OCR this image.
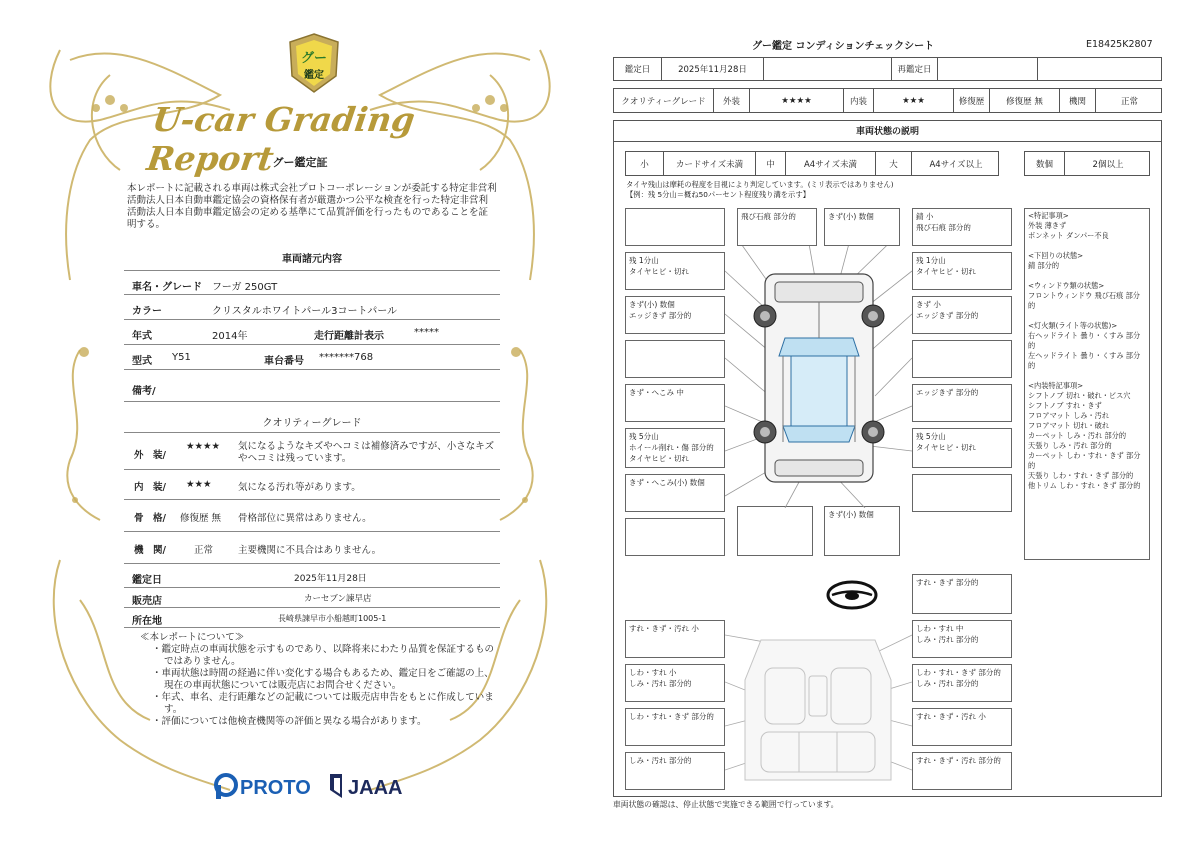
グー
鑑定
U-car Grading Report
グー鑑定証
本レポートに記載される車両は株式会社プロトコーポレーションが委託する特定非営利活動法人日本自動車鑑定協会の資格保有者が厳選かつ公平な検査を行った特定非営利活動法人日本自動車鑑定協会の定める基準にて品質評価を行ったものであることを証明する。
車両諸元内容
車名・グレード フーガ 250GT
カラー	クリスタルホワイトパール3コートパール
年式	2014年	走行距離計表示	*****
型式 Y51	車台番号 *******768
備考/
クオリティーグレード
外　装/
★★★★ 気になるようなキズやヘコミは補修済みですが、小さなキズやヘコミは残っています。
内　装/ ★★★	気になる汚れ等があります。
骨　格/ 修復歴 無 骨格部位に異常はありません。
機　関/	正常	主要機関に不具合はありません。
鑑定日	2025年11月28日
販売店	カーセブン諫早店
所在地	長崎県諫早市小船越町1005-1
≪本レポートについて≫
・鑑定時点の車両状態を示すものであり、以降将来にわたり品質を保証するものではありません。
・車両状態は時間の経過に伴い変化する場合もあるため、鑑定日をご確認の上、現在の車両状態については販売店にお問合せください。
・年式、車名、走行距離などの記載については販売店申告をもとに作成しています。
・評価については他検査機関等の評価と異なる場合があります。
PROTO JAAA
グー鑑定 コンディションチェックシート	E18425K2807
鑑定日	2025年11月28日	再鑑定日
クオリティーグレード	外装	★★★★	内装	★★★	修復歴	修復歴 無	機関	正常
車両状態の説明
小	カードサイズ未満	中	A4サイズ未満	大	A4サイズ以上	数個	2個以上
タイヤ残山は摩耗の程度を目視により判定しています。(ミリ表示ではありません)
【例：残 5分山＝概ね50パーセント程度残り溝を示す】
飛び石痕 部分的	きず(小) 数個	錆 小
飛び石痕 部分的
残 1分山
タイヤヒビ・切れ
残 1分山
タイヤヒビ・切れ
きず(小) 数個
エッジきず 部分的
きず 小
エッジきず 部分的
きず・へこみ 中	エッジきず 部分的
残 5分山
ホイール削れ・傷 部分的
タイヤヒビ・切れ
残 5分山
タイヤヒビ・切れ
きず・へこみ(小) 数個
きず(小) 数個
<特記事項>
外装 薄きず
ボンネット ダンパー不良

<下回りの状態>
錆 部分的

<ウィンドウ類の状態>
フロントウィンドウ 飛び石痕 部分的

<灯火類(ライト等の状態)>
右ヘッドライト 曇り・くすみ 部分的
左ヘッドライト 曇り・くすみ 部分的

<内装特記事項>
シフトノブ 切れ・破れ・ビス穴
シフトノブ すれ・きず
フロアマット しみ・汚れ
フロアマット 切れ・破れ
カーペット しみ・汚れ 部分的
天張り しみ・汚れ 部分的
カーペット しわ・すれ・きず 部分的
天張り しわ・すれ・きず 部分的
他トリム しわ・すれ・きず 部分的
すれ・きず 部分的
すれ・きず・汚れ 小	しわ・すれ 中
しみ・汚れ 部分的
しわ・すれ 小
しみ・汚れ 部分的
しわ・すれ・きず 部分的
しみ・汚れ 部分的
しわ・すれ・きず 部分的	すれ・きず・汚れ 小
しみ・汚れ 部分的	すれ・きず・汚れ 部分的
車両状態の確認は、停止状態で実施できる範囲で行っています。
